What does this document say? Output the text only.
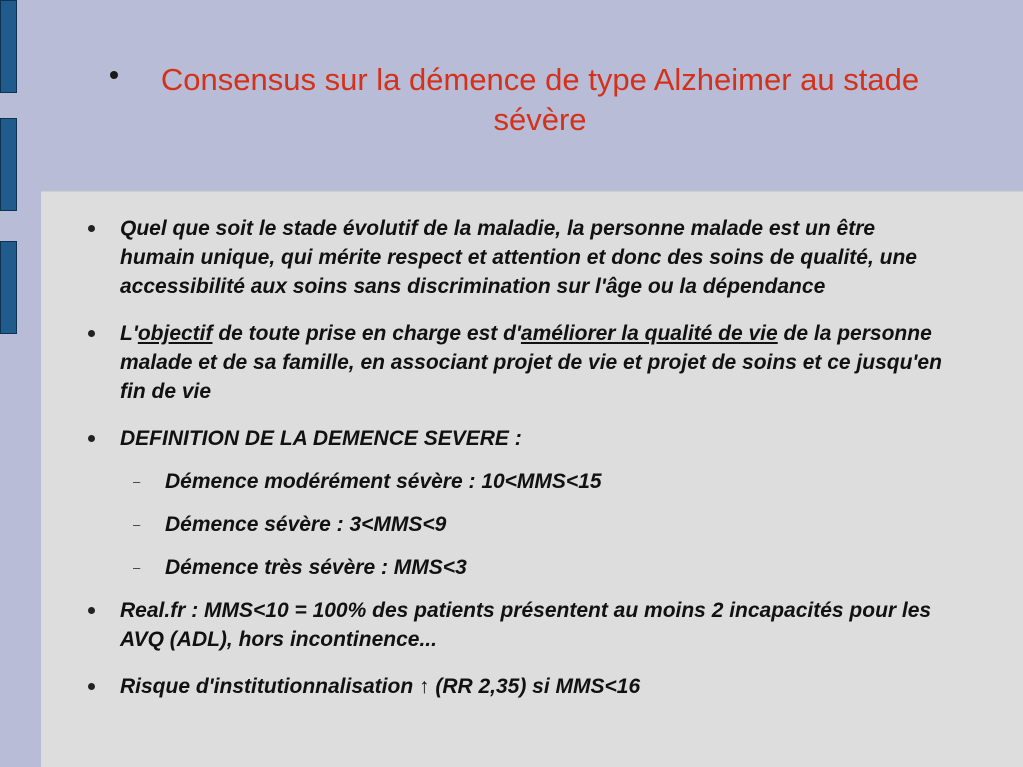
Consensus sur la démence de type Alzheimer au stade sévère
Quel que soit le stade évolutif de la maladie, la personne malade est un être humain unique, qui mérite respect et attention et donc des soins de qualité, une accessibilité aux soins sans discrimination sur l'âge ou la dépendance
L'objectif de toute prise en charge est d'améliorer la qualité de vie de la personne malade et de sa famille, en associant projet de vie et projet de soins et ce jusqu'en fin de vie
DEFINITION DE LA DEMENCE SEVERE :
– Démence modérément sévère : 10<MMS<15
– Démence sévère : 3<MMS<9
– Démence très sévère : MMS<3
Real.fr : MMS<10 = 100% des patients présentent au moins 2 incapacités pour les AVQ (ADL), hors incontinence...
Risque d'institutionnalisation ↑ (RR 2,35) si MMS<16
